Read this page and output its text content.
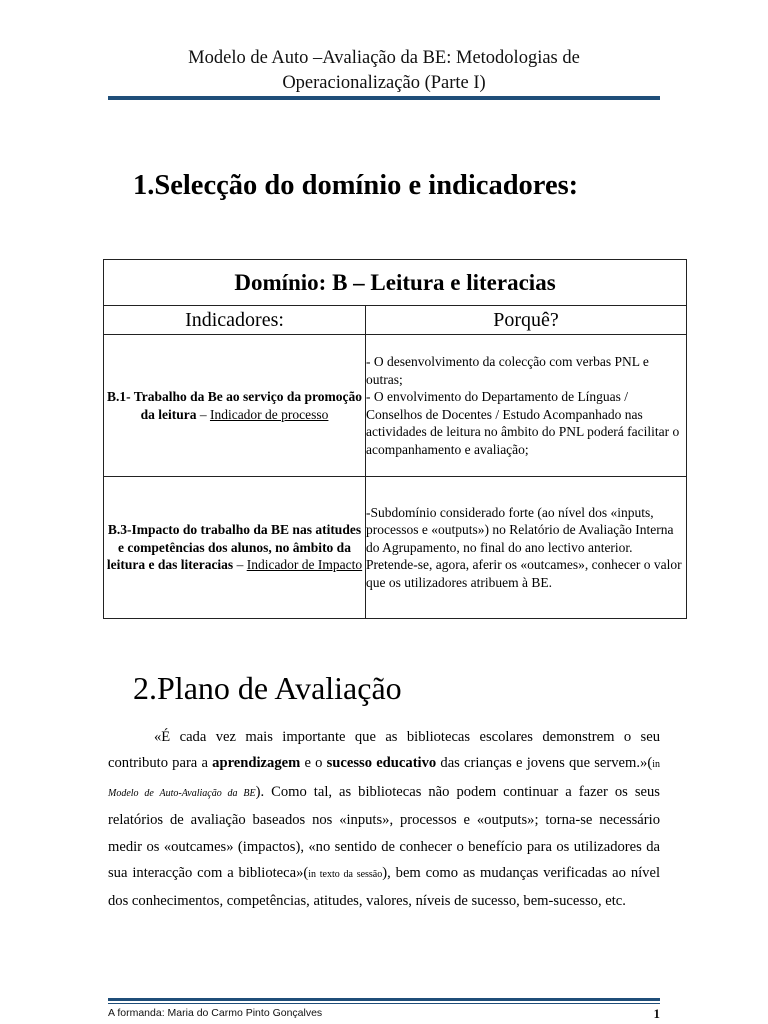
Modelo de Auto –Avaliação da BE: Metodologias de
Operacionalização (Parte I)
1.Selecção do domínio e indicadores:
Domínio: B – Leitura e literacias	
Indicadores:	Porquê?
B.1- Trabalho da Be ao serviço da promoção da leitura – Indicador de processo	- O desenvolvimento da colecção com verbas PNL e outras;
- O envolvimento do Departamento de Línguas / Conselhos de Docentes / Estudo Acompanhado nas actividades de leitura no âmbito do PNL poderá facilitar o acompanhamento e avaliação;

B.3-Impacto do trabalho da BE nas atitudes e competências dos alunos, no âmbito da leitura e das literacias – Indicador de Impacto	-Subdomínio considerado forte (ao nível dos «inputs, processos e «outputs») no Relatório de Avaliação Interna do Agrupamento, no final do ano lectivo anterior. Pretende-se, agora, aferir os «outcames», conhecer o valor que os utilizadores atribuem à BE.
2.Plano de Avaliação
«É cada vez mais importante que as bibliotecas escolares demonstrem o seu contributo para a aprendizagem e o sucesso educativo das crianças e jovens que servem.»(in Modelo de Auto-Avaliação da BE). Como tal, as bibliotecas não podem continuar a fazer os seus relatórios de avaliação baseados nos «inputs», processos e «outputs»; torna-se necessário medir os «outcames» (impactos), «no sentido de conhecer o benefício para os utilizadores da sua interacção com a biblioteca»(in texto da sessão), bem como as mudanças verificadas ao nível dos conhecimentos, competências, atitudes, valores, níveis de sucesso, bem-sucesso, etc.
A formanda: Maria do Carmo Pinto Gonçalves	1
